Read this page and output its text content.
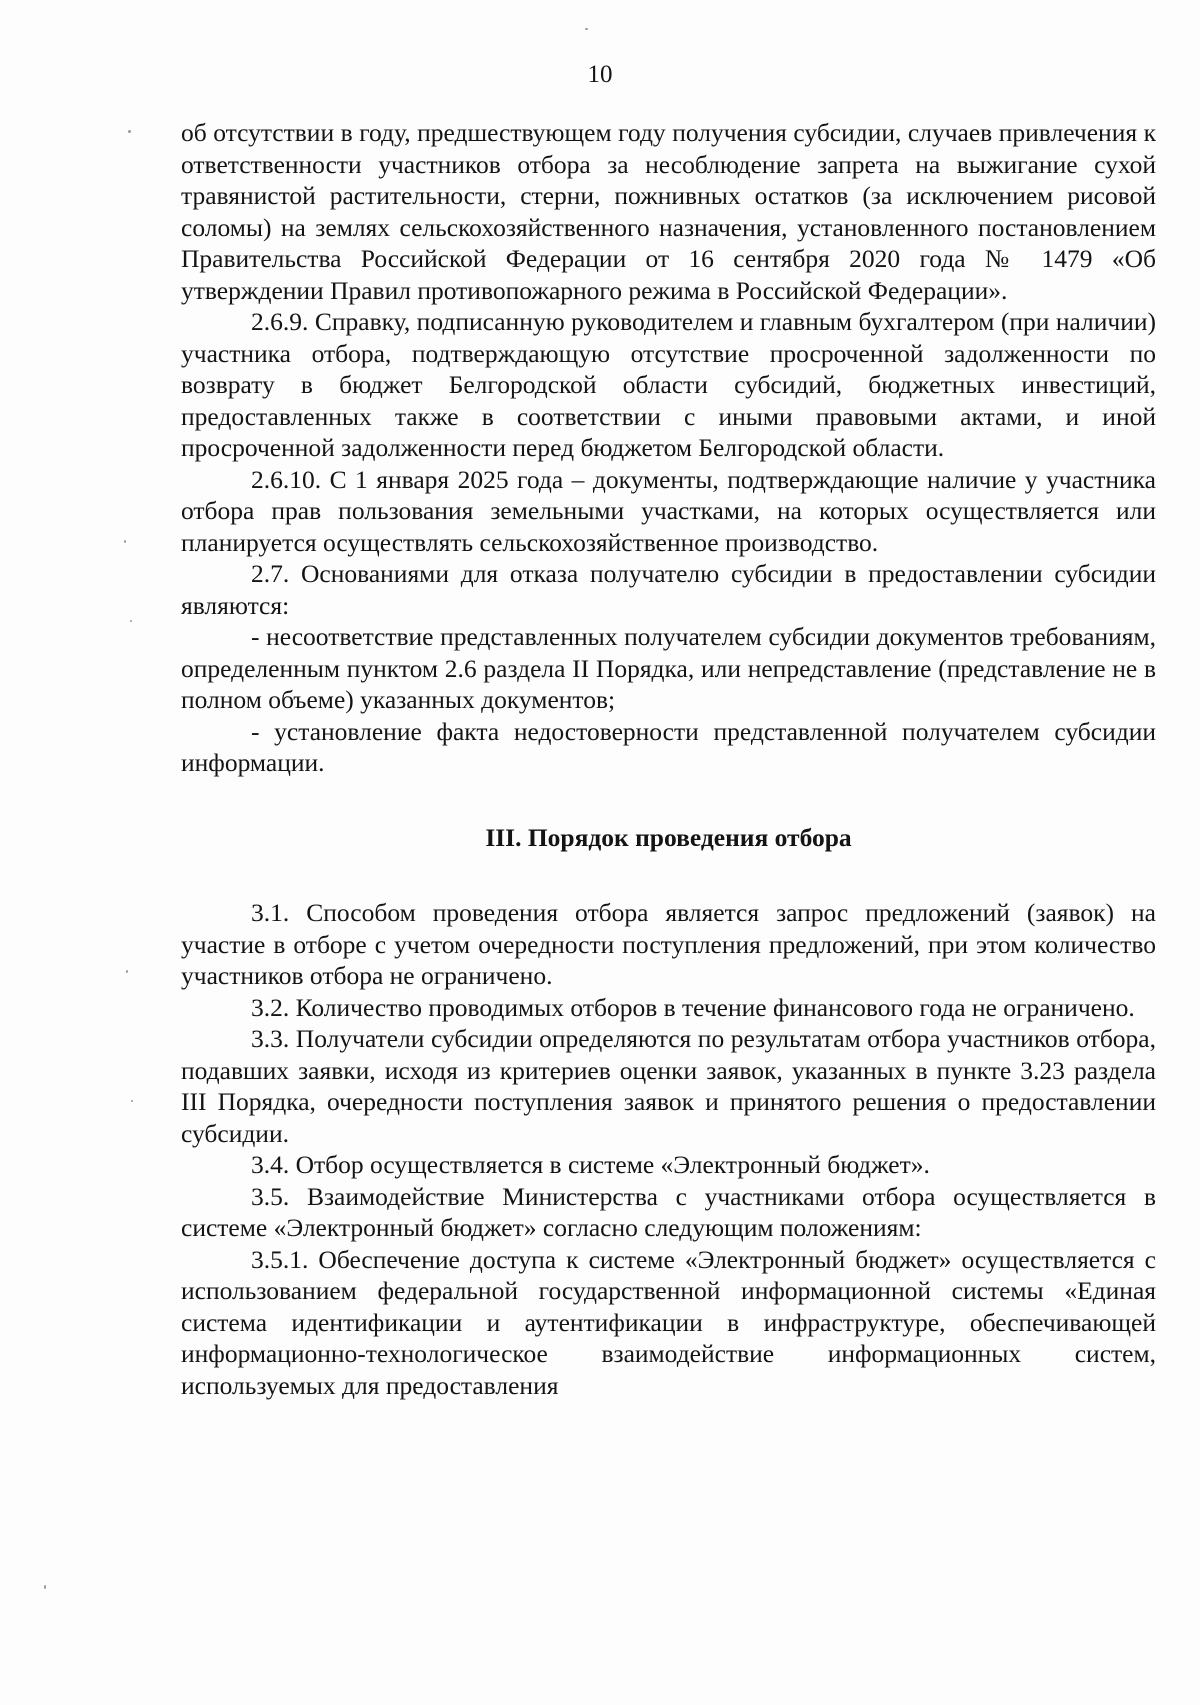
10

об отсутствии в году, предшествующем году получения субсидии, случаев привлечения к ответственности участников отбора за несоблюдение запрета на выжигание сухой травянистой растительности, стерни, пожнивных остатков (за исключением рисовой соломы) на землях сельскохозяйственного назначения, установленного постановлением Правительства Российской Федерации от 16 сентября 2020 года № 1479 «Об утверждении Правил противопожарного режима в Российской Федерации».

2.6.9. Справку, подписанную руководителем и главным бухгалтером (при наличии) участника отбора, подтверждающую отсутствие просроченной задолженности по возврату в бюджет Белгородской области субсидий, бюджетных инвестиций, предоставленных также в соответствии с иными правовыми актами, и иной просроченной задолженности перед бюджетом Белгородской области.

2.6.10. С 1 января 2025 года – документы, подтверждающие наличие у участника отбора прав пользования земельными участками, на которых осуществляется или планируется осуществлять сельскохозяйственное производство.

2.7. Основаниями для отказа получателю субсидии в предоставлении субсидии являются:

- несоответствие представленных получателем субсидии документов требованиям, определенным пунктом 2.6 раздела II Порядка, или непредставление (представление не в полном объеме) указанных документов;

- установление факта недостоверности представленной получателем субсидии информации.

III. Порядок проведения отбора

3.1. Способом проведения отбора является запрос предложений (заявок) на участие в отборе с учетом очередности поступления предложений, при этом количество участников отбора не ограничено.

3.2. Количество проводимых отборов в течение финансового года не ограничено.

3.3. Получатели субсидии определяются по результатам отбора участников отбора, подавших заявки, исходя из критериев оценки заявок, указанных в пункте 3.23 раздела III Порядка, очередности поступления заявок и принятого решения о предоставлении субсидии.

3.4. Отбор осуществляется в системе «Электронный бюджет».

3.5. Взаимодействие Министерства с участниками отбора осуществляется в системе «Электронный бюджет» согласно следующим положениям:

3.5.1. Обеспечение доступа к системе «Электронный бюджет» осуществляется с использованием федеральной государственной информационной системы «Единая система идентификации и аутентификации в инфраструктуре, обеспечивающей информационно-технологическое взаимодействие информационных систем, используемых для предоставления
